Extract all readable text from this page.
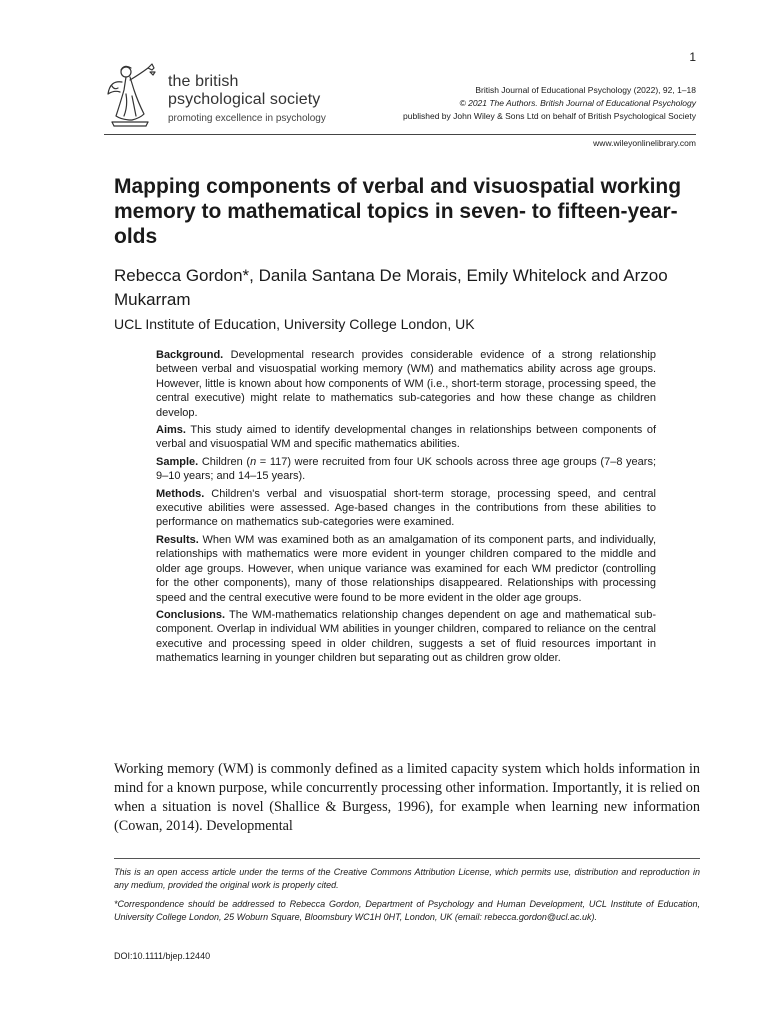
1
the british
psychological society
promoting excellence in psychology
British Journal of Educational Psychology (2022), 92, 1–18
© 2021 The Authors. British Journal of Educational Psychology
published by John Wiley & Sons Ltd on behalf of British Psychological Society
www.wileyonlinelibrary.com
Mapping components of verbal and visuospatial working memory to mathematical topics in seven- to fifteen-year-olds
Rebecca Gordon*, Danila Santana De Morais, Emily Whitelock and Arzoo Mukarram
UCL Institute of Education, University College London, UK

Background. Developmental research provides considerable evidence of a strong relationship between verbal and visuospatial working memory (WM) and mathematics ability across age groups. However, little is known about how components of WM (i.e., short-term storage, processing speed, the central executive) might relate to mathematics sub-categories and how these change as children develop.

Aims. This study aimed to identify developmental changes in relationships between components of verbal and visuospatial WM and specific mathematics abilities.

Sample. Children (n = 117) were recruited from four UK schools across three age groups (7–8 years; 9–10 years; and 14–15 years).

Methods. Children's verbal and visuospatial short-term storage, processing speed, and central executive abilities were assessed. Age-based changes in the contributions from these abilities to performance on mathematics sub-categories were examined.

Results. When WM was examined both as an amalgamation of its component parts, and individually, relationships with mathematics were more evident in younger children compared to the middle and older age groups. However, when unique variance was examined for each WM predictor (controlling for the other components), many of those relationships disappeared. Relationships with processing speed and the central executive were found to be more evident in the older age groups.

Conclusions. The WM-mathematics relationship changes dependent on age and mathematical sub-component. Overlap in individual WM abilities in younger children, compared to reliance on the central executive and processing speed in older children, suggests a set of fluid resources important in mathematics learning in younger children but separating out as children grow older.

Working memory (WM) is commonly defined as a limited capacity system which holds information in mind for a known purpose, while concurrently processing other information. Importantly, it is relied on when a situation is novel (Shallice & Burgess, 1996), for example when learning new information (Cowan, 2014). Developmental

This is an open access article under the terms of the Creative Commons Attribution License, which permits use, distribution and reproduction in any medium, provided the original work is properly cited.

*Correspondence should be addressed to Rebecca Gordon, Department of Psychology and Human Development, UCL Institute of Education, University College London, 25 Woburn Square, Bloomsbury WC1H 0HT, London, UK (email: rebecca.gordon@ucl.ac.uk).

DOI:10.1111/bjep.12440
